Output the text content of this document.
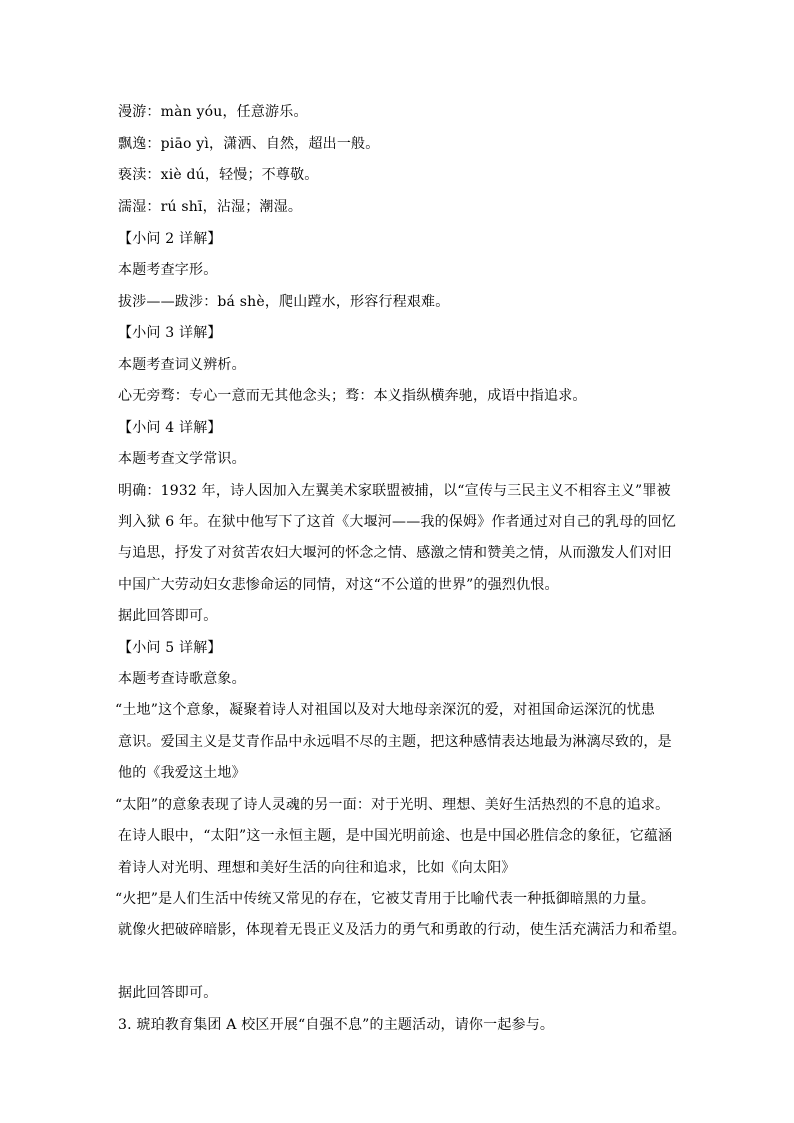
漫游：màn yóu，任意游乐。
飘逸：piāo yì，潇洒、自然，超出一般。
亵渎：xiè dú，轻慢；不尊敬。
濡湿：rú shī，沾湿；潮湿。
【小问 2 详解】
本题考查字形。
拔涉——跋涉：bá shè，爬山蹚水，形容行程艰难。
【小问 3 详解】
本题考查词义辨析。
心无旁骛：专心一意而无其他念头；骛：本义指纵横奔驰，成语中指追求。
【小问 4 详解】
本题考查文学常识。
明确：1932 年，诗人因加入左翼美术家联盟被捕，以“宣传与三民主义不相容主义”罪被
判入狱 6 年。在狱中他写下了这首《大堰河——我的保姆》作者通过对自己的乳母的回忆
与追思，抒发了对贫苦农妇大堰河的怀念之情、感激之情和赞美之情，从而激发人们对旧
中国广大劳动妇女悲惨命运的同情，对这“不公道的世界”的强烈仇恨。
据此回答即可。
【小问 5 详解】
本题考查诗歌意象。
“土地”这个意象，凝聚着诗人对祖国以及对大地母亲深沉的爱，对祖国命运深沉的忧患
意识。爱国主义是艾青作品中永远唱不尽的主题，把这种感情表达地最为淋漓尽致的，是
他的《我爱这土地》
“太阳”的意象表现了诗人灵魂的另一面：对于光明、理想、美好生活热烈的不息的追求。
在诗人眼中，“太阳”这一永恒主题，是中国光明前途、也是中国必胜信念的象征，它蕴涵
着诗人对光明、理想和美好生活的向往和追求，比如《向太阳》
“火把”是人们生活中传统又常见的存在，它被艾青用于比喻代表一种抵御暗黑的力量。
就像火把破碎暗影，体现着无畏正义及活力的勇气和勇敢的行动，使生活充满活力和希望。
据此回答即可。
3. 琥珀教育集团 A 校区开展“自强不息”的主题活动，请你一起参与。
